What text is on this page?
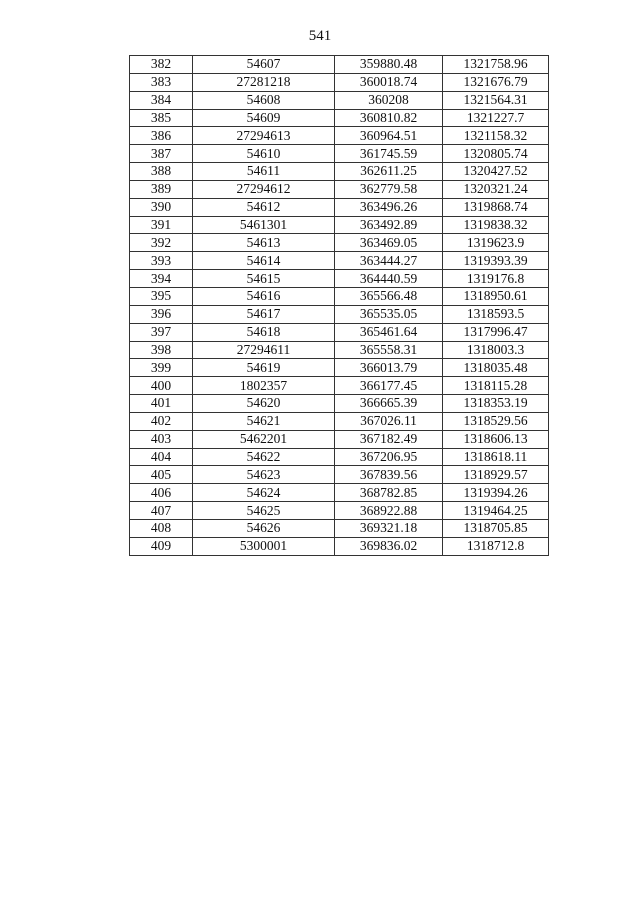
541
382	54607	359880.48	1321758.96
383	27281218	360018.74	1321676.79
384	54608	360208	1321564.31
385	54609	360810.82	1321227.7
386	27294613	360964.51	1321158.32
387	54610	361745.59	1320805.74
388	54611	362611.25	1320427.52
389	27294612	362779.58	1320321.24
390	54612	363496.26	1319868.74
391	5461301	363492.89	1319838.32
392	54613	363469.05	1319623.9
393	54614	363444.27	1319393.39
394	54615	364440.59	1319176.8
395	54616	365566.48	1318950.61
396	54617	365535.05	1318593.5
397	54618	365461.64	1317996.47
398	27294611	365558.31	1318003.3
399	54619	366013.79	1318035.48
400	1802357	366177.45	1318115.28
401	54620	366665.39	1318353.19
402	54621	367026.11	1318529.56
403	5462201	367182.49	1318606.13
404	54622	367206.95	1318618.11
405	54623	367839.56	1318929.57
406	54624	368782.85	1319394.26
407	54625	368922.88	1319464.25
408	54626	369321.18	1318705.85
409	5300001	369836.02	1318712.8
